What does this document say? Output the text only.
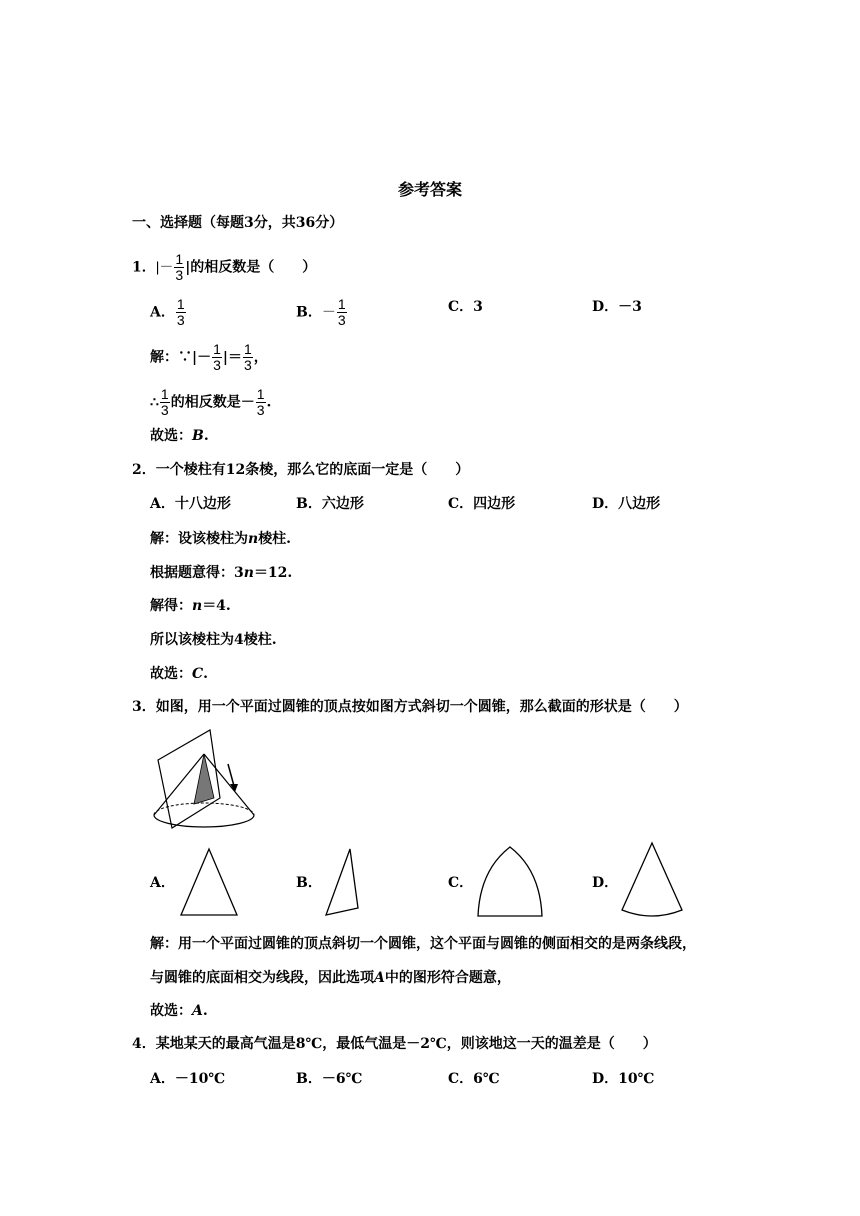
参考答案
一、选择题（每题3分，共36分）
1．|－ $\frac{1}{3}$ |的相反数是（　　）
A． $\frac{1}{3}$	B．－ $\frac{1}{3}$	C．3	D．－3
解：∵|－ $\frac{1}{3}$ |＝ $\frac{1}{3}$ ，
∴ $\frac{1}{3}$ 的相反数是－ $\frac{1}{3}$ .
故选：B.
2．一个棱柱有12条棱，那么它的底面一定是（　　）
A．十八边形	B．六边形	C．四边形	D．八边形
解：设该棱柱为n棱柱.
根据题意得：3n＝12.
解得：n＝4.
所以该棱柱为4棱柱.
故选：C.
3．如图，用一个平面过圆锥的顶点按如图方式斜切一个圆锥，那么截面的形状是（　　）
A．	B．	C．	D．
解：用一个平面过圆锥的顶点斜切一个圆锥，这个平面与圆锥的侧面相交的是两条线段，
与圆锥的底面相交为线段，因此选项A中的图形符合题意，
故选：A.
4．某地某天的最高气温是8℃，最低气温是－2℃，则该地这一天的温差是（　　）
A．－10℃	B．－6℃	C．6℃	D．10℃
